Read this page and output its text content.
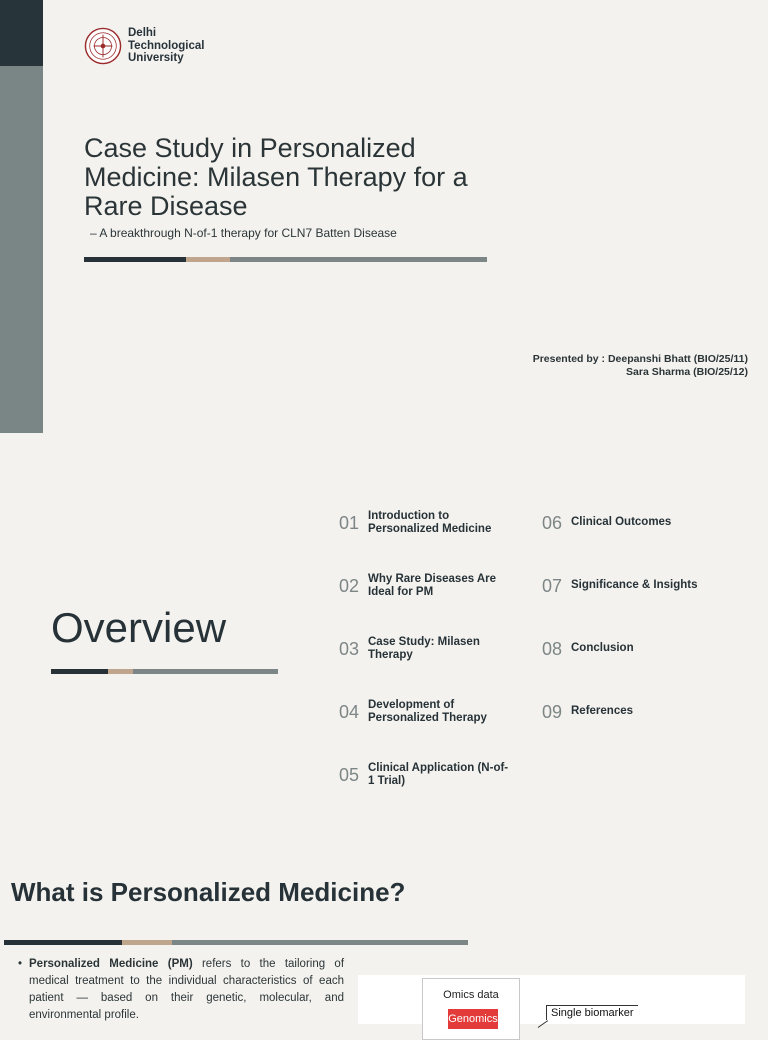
Delhi
Technological
University
Case Study in Personalized Medicine: Milasen Therapy for a Rare Disease
– A breakthrough N-of-1 therapy for CLN7 Batten Disease
Presented by : Deepanshi Bhatt (BIO/25/11)
Sara Sharma (BIO/25/12)
Overview
01 Introduction to Personalized Medicine
02 Why Rare Diseases Are Ideal for PM
03 Case Study: Milasen Therapy
04 Development of Personalized Therapy
05 Clinical Application (N-of-1 Trial)
06 Clinical Outcomes
07 Significance & Insights
08 Conclusion
09 References
What is Personalized Medicine?
• Personalized Medicine (PM) refers to the tailoring of medical treatment to the individual characteristics of each patient — based on their genetic, molecular, and environmental profile.

Omics data
Genomics	Single biomarker
